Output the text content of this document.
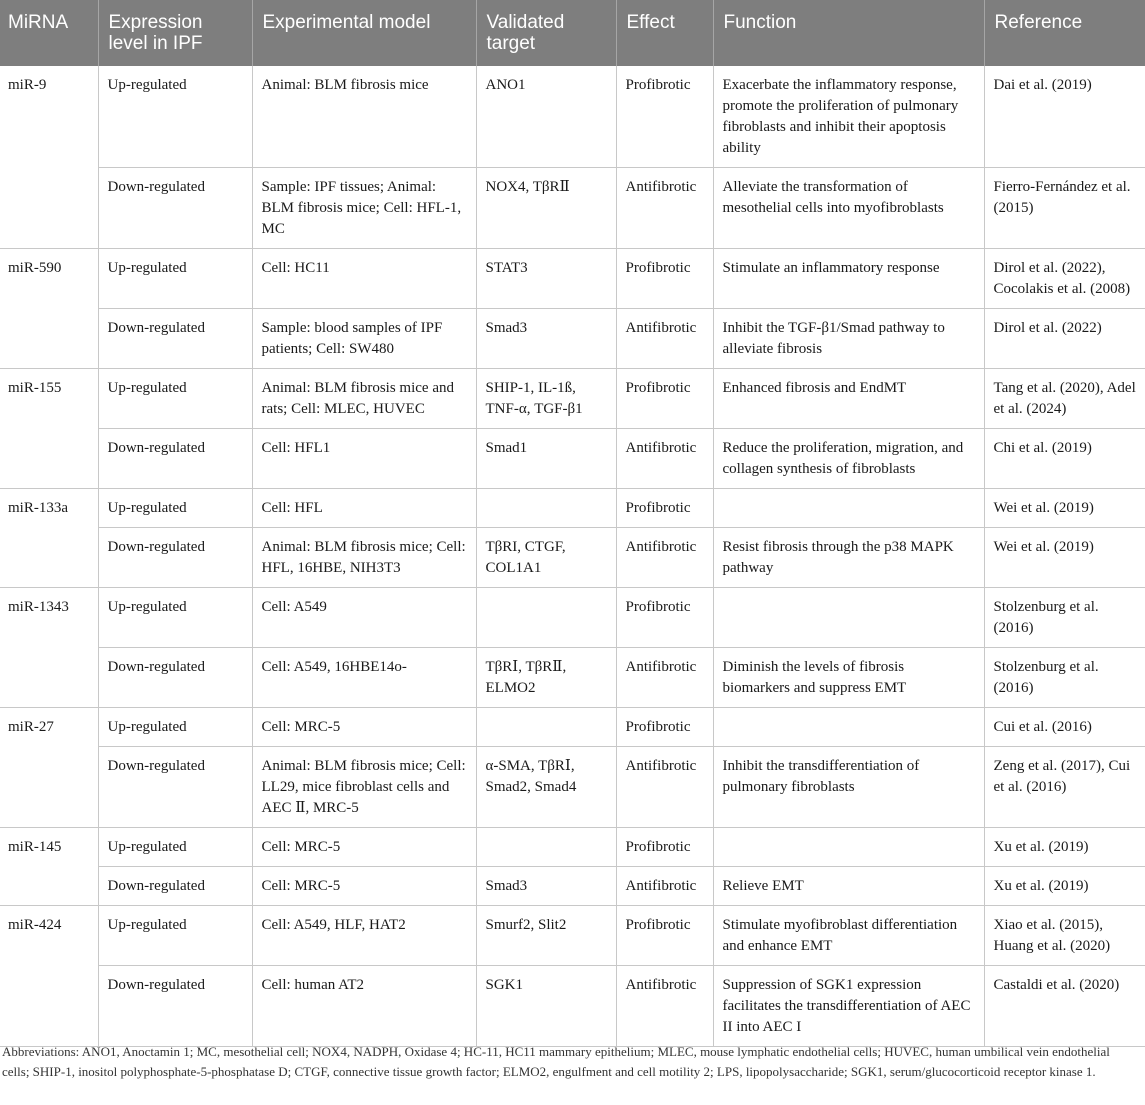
MiRNA	Expression level in IPF	Experimental model	Validated target	Effect	Function	Reference
miR-9	Up-regulated	Animal: BLM fibrosis mice	ANO1	Profibrotic	Exacerbate the inflammatory response, promote the proliferation of pulmonary fibroblasts and inhibit their apoptosis ability	Dai et al. (2019)
	Down-regulated	Sample: IPF tissues; Animal: BLM fibrosis mice; Cell: HFL-1, MC	NOX4, TβRⅡ	Antifibrotic	Alleviate the transformation of mesothelial cells into myofibroblasts	Fierro-Fernández et al. (2015)
miR-590	Up-regulated	Cell: HC11	STAT3	Profibrotic	Stimulate an inflammatory response	Dirol et al. (2022), Cocolakis et al. (2008)
	Down-regulated	Sample: blood samples of IPF patients; Cell: SW480	Smad3	Antifibrotic	Inhibit the TGF-β1/Smad pathway to alleviate fibrosis	Dirol et al. (2022)
miR-155	Up-regulated	Animal: BLM fibrosis mice and rats; Cell: MLEC, HUVEC	SHIP-1, IL-1ß, TNF-α, TGF-β1	Profibrotic	Enhanced fibrosis and EndMT	Tang et al. (2020), Adel et al. (2024)
	Down-regulated	Cell: HFL1	Smad1	Antifibrotic	Reduce the proliferation, migration, and collagen synthesis of fibroblasts	Chi et al. (2019)
miR-133a	Up-regulated	Cell: HFL		Profibrotic		Wei et al. (2019)
	Down-regulated	Animal: BLM fibrosis mice; Cell: HFL, 16HBE, NIH3T3	TβRI, CTGF, COL1A1	Antifibrotic	Resist fibrosis through the p38 MAPK pathway	Wei et al. (2019)
miR-1343	Up-regulated	Cell: A549		Profibrotic		Stolzenburg et al. (2016)
	Down-regulated	Cell: A549, 16HBE14o-	TβRⅠ, TβRⅡ, ELMO2	Antifibrotic	Diminish the levels of fibrosis biomarkers and suppress EMT	Stolzenburg et al. (2016)
miR-27	Up-regulated	Cell: MRC-5		Profibrotic		Cui et al. (2016)
	Down-regulated	Animal: BLM fibrosis mice; Cell: LL29, mice fibroblast cells and AEC Ⅱ, MRC-5	α-SMA, TβRⅠ, Smad2, Smad4	Antifibrotic	Inhibit the transdifferentiation of pulmonary fibroblasts	Zeng et al. (2017), Cui et al. (2016)
miR-145	Up-regulated	Cell: MRC-5		Profibrotic		Xu et al. (2019)
	Down-regulated	Cell: MRC-5	Smad3	Antifibrotic	Relieve EMT	Xu et al. (2019)
miR-424	Up-regulated	Cell: A549, HLF, HAT2	Smurf2, Slit2	Profibrotic	Stimulate myofibroblast differentiation and enhance EMT	Xiao et al. (2015), Huang et al. (2020)
	Down-regulated	Cell: human AT2	SGK1	Antifibrotic	Suppression of SGK1 expression facilitates the transdifferentiation of AEC II into AEC I	Castaldi et al. (2020)
Abbreviations: ANO1, Anoctamin 1; MC, mesothelial cell; NOX4, NADPH, Oxidase 4; HC-11, HC11 mammary epithelium; MLEC, mouse lymphatic endothelial cells; HUVEC, human umbilical vein endothelial cells; SHIP-1, inositol polyphosphate-5-phosphatase D; CTGF, connective tissue growth factor; ELMO2, engulfment and cell motility 2; LPS, lipopolysaccharide; SGK1, serum/glucocorticoid receptor kinase 1.
